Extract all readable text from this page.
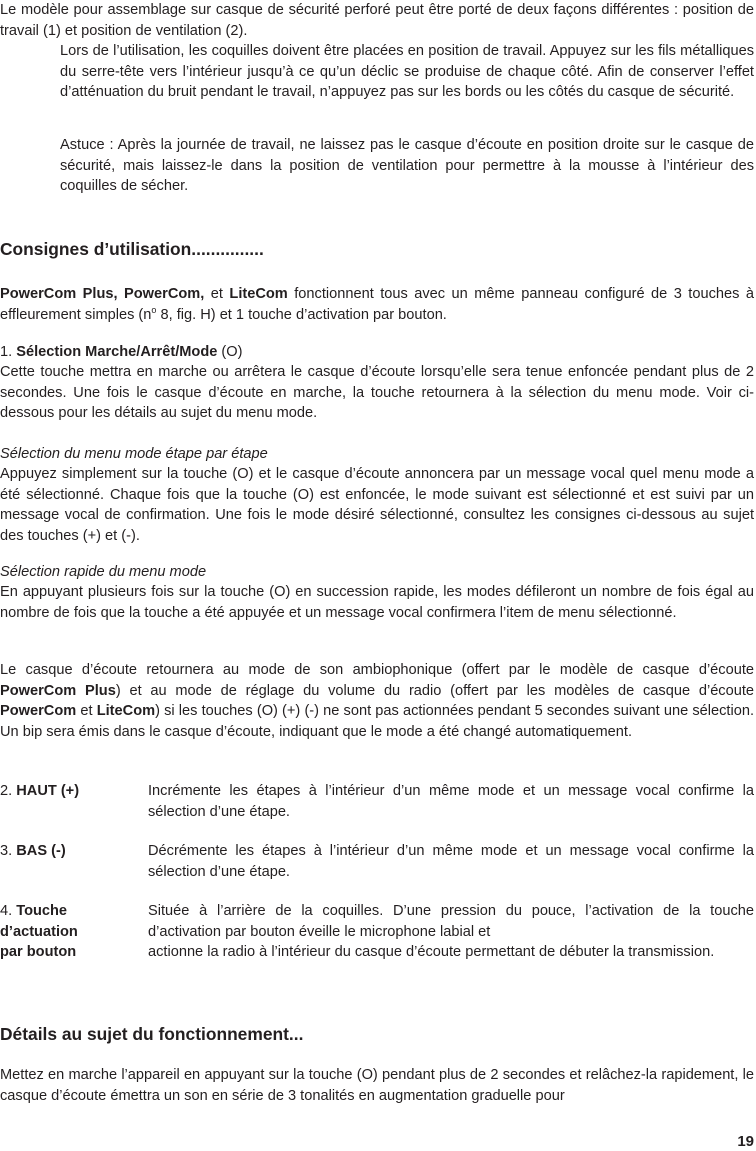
Le modèle pour assemblage sur casque de sécurité perforé peut être porté de deux façons différentes : position de travail (1) et position de ventilation (2).

Lors de l’utilisation, les coquilles doivent être placées en position de travail. Appuyez sur les fils métalliques du serre-tête vers l’intérieur jusqu’à ce qu’un déclic se produise de chaque côté. Afin de conserver l’effet d’atténuation du bruit pendant le travail, n’appuyez pas sur les bords ou les côtés du casque de sécurité.

Astuce : Après la journée de travail, ne laissez pas le casque d’écoute en position droite sur le casque de sécurité, mais laissez-le dans la position de ventilation pour permettre à la mousse à l’intérieur des coquilles de sécher.

Consignes d’utilisation...............

PowerCom Plus, PowerCom, et LiteCom fonctionnent tous avec un même panneau configuré de 3 touches à effleurement simples ($n^o$ 8, fig. H) et 1 touche d’activation par bouton.

1. Sélection Marche/Arrêt/Mode (O)

Cette touche mettra en marche ou arrêtera le casque d’écoute lorsqu’elle sera tenue enfoncée pendant plus de 2 secondes. Une fois le casque d’écoute en marche, la touche retournera à la sélection du menu mode. Voir ci-dessous pour les détails au sujet du menu mode.

Sélection du menu mode étape par étape

Appuyez simplement sur la touche (O) et le casque d’écoute annoncera par un message vocal quel menu mode a été sélectionné. Chaque fois que la touche (O) est enfoncée, le mode suivant est sélectionné et est suivi par un message vocal de confirmation. Une fois le mode désiré sélectionné, consultez les consignes ci-dessous au sujet des touches (+) et (-).

Sélection rapide du menu mode

En appuyant plusieurs fois sur la touche (O) en succession rapide, les modes défileront un nombre de fois égal au nombre de fois que la touche a été appuyée et un message vocal confirmera l’item de menu sélectionné.

Le casque d’écoute retournera au mode de son ambiophonique (offert par le modèle de casque d’écoute PowerCom Plus) et au mode de réglage du volume du radio (offert par les modèles de casque d’écoute PowerCom et LiteCom) si les touches (O) (+) (-) ne sont pas actionnées pendant 5 secondes suivant une sélection. Un bip sera émis dans le casque d’écoute, indiquant que le mode a été changé automatiquement.

2. HAUT (+)	Incrémente les étapes à l’intérieur d’un même mode et un message vocal confirme la sélection d’une étape.
3. BAS (-)	Décrémente les étapes à l’intérieur d’un même mode et un message vocal confirme la sélection d’une étape.
4. Touche
d’actuation
par bouton
Située à l’arrière de la coquilles. D’une pression du pouce, l’activation de la touche
d’activation par bouton éveille le microphone labial et
actionne la radio à l’intérieur du casque d’écoute permettant de débuter la transmission.
Détails au sujet du fonctionnement...

Mettez en marche l’appareil en appuyant sur la touche (O) pendant plus de 2 secondes et relâchez-la rapidement, le casque d’écoute émettra un son en série de 3 tonalités en augmentation graduelle pour

19
